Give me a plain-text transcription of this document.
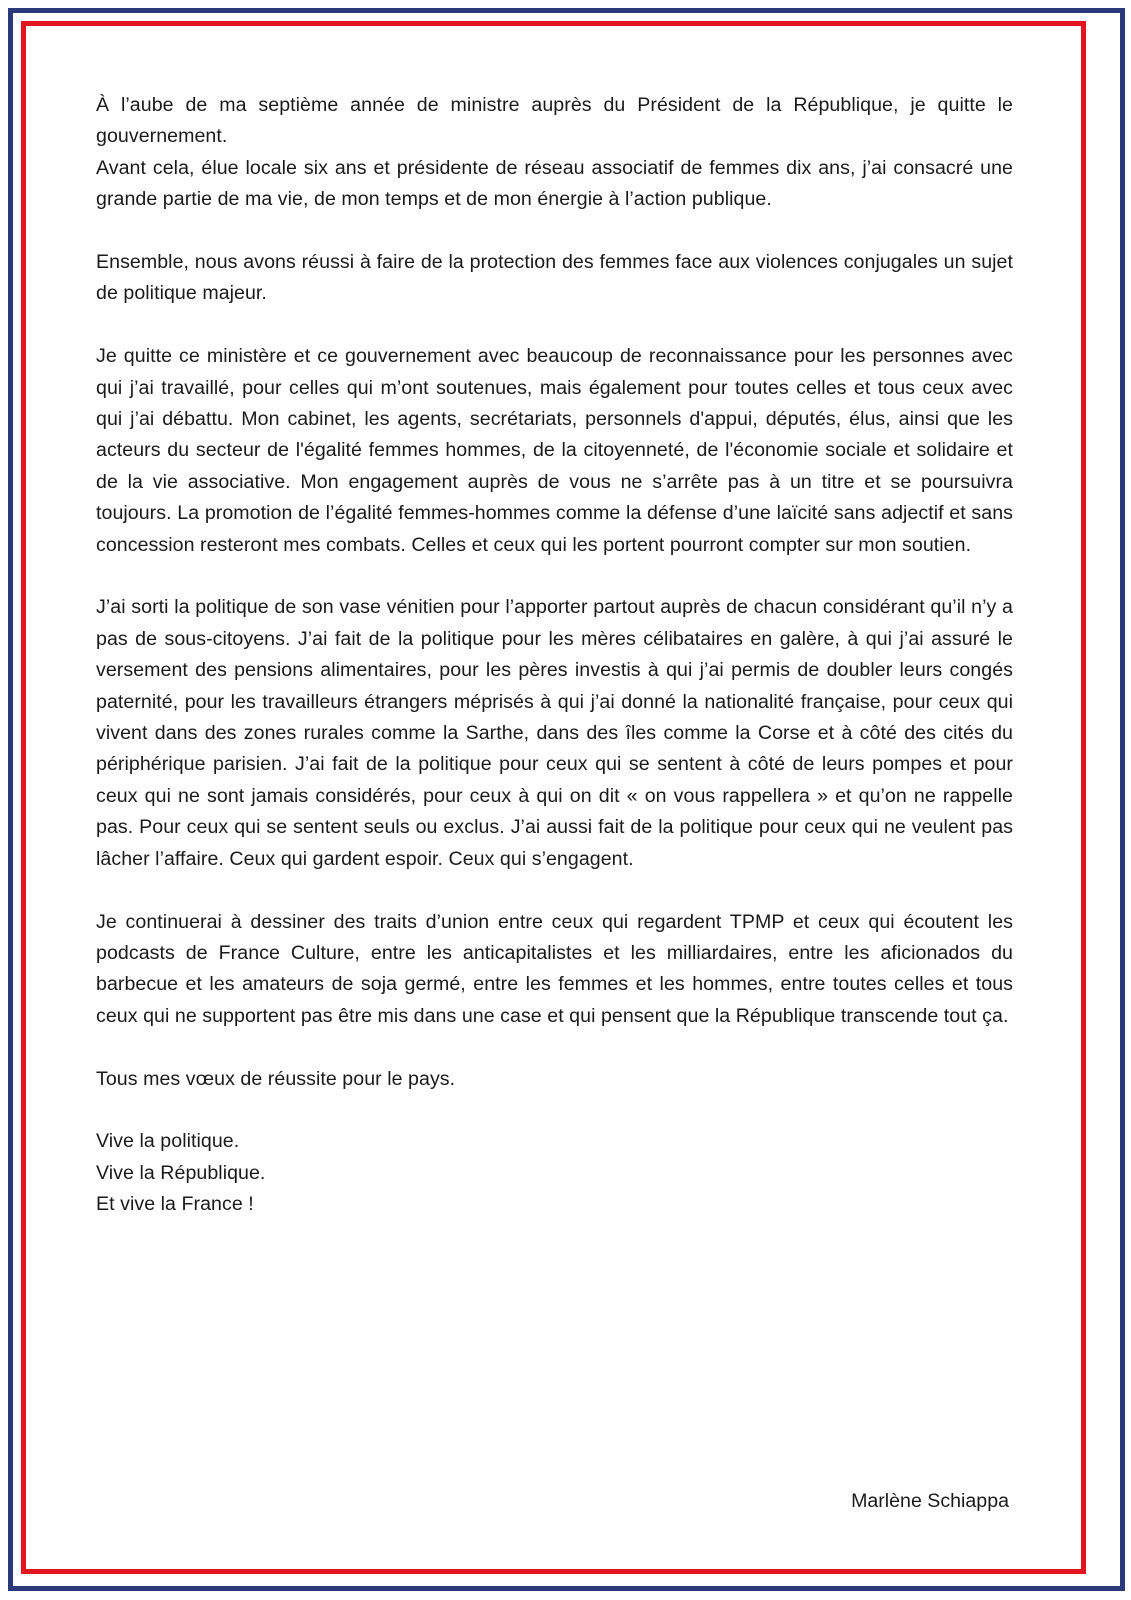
À l’aube de ma septième année de ministre auprès du Président de la République, je quitte le gouvernement.
Avant cela, élue locale six ans et présidente de réseau associatif de femmes dix ans, j’ai consacré une grande partie de ma vie, de mon temps et de mon énergie à l’action publique.

Ensemble, nous avons réussi à faire de la protection des femmes face aux violences conjugales un sujet de politique majeur.

Je quitte ce ministère et ce gouvernement avec beaucoup de reconnaissance pour les personnes avec qui j’ai travaillé, pour celles qui m’ont soutenues, mais également pour toutes celles et tous ceux avec qui j’ai débattu. Mon cabinet, les agents, secrétariats, personnels d'appui, députés, élus, ainsi que les acteurs du secteur de l'égalité femmes hommes, de la citoyenneté, de l'économie sociale et solidaire et de la vie associative. Mon engagement auprès de vous ne s’arrête pas à un titre et se poursuivra toujours. La promotion de l’égalité femmes-hommes comme la défense d’une laïcité sans adjectif et sans concession resteront mes combats. Celles et ceux qui les portent pourront compter sur mon soutien.

J’ai sorti la politique de son vase vénitien pour l’apporter partout auprès de chacun considérant qu’il n’y a pas de sous-citoyens. J’ai fait de la politique pour les mères célibataires en galère, à qui j’ai assuré le versement des pensions alimentaires, pour les pères investis à qui j’ai permis de doubler leurs congés paternité, pour les travailleurs étrangers méprisés à qui j’ai donné la nationalité française, pour ceux qui vivent dans des zones rurales comme la Sarthe, dans des îles comme la Corse et à côté des cités du périphérique parisien. J’ai fait de la politique pour ceux qui se sentent à côté de leurs pompes et pour ceux qui ne sont jamais considérés, pour ceux à qui on dit « on vous rappellera » et qu’on ne rappelle pas. Pour ceux qui se sentent seuls ou exclus. J’ai aussi fait de la politique pour ceux qui ne veulent pas lâcher l’affaire. Ceux qui gardent espoir. Ceux qui s’engagent.

Je continuerai à dessiner des traits d’union entre ceux qui regardent TPMP et ceux qui écoutent les podcasts de France Culture, entre les anticapitalistes et les milliardaires, entre les aficionados du barbecue et les amateurs de soja germé, entre les femmes et les hommes, entre toutes celles et tous ceux qui ne supportent pas être mis dans une case et qui pensent que la République transcende tout ça.

Tous mes vœux de réussite pour le pays.

Vive la politique.
Vive la République.
Et vive la France !

Marlène Schiappa
